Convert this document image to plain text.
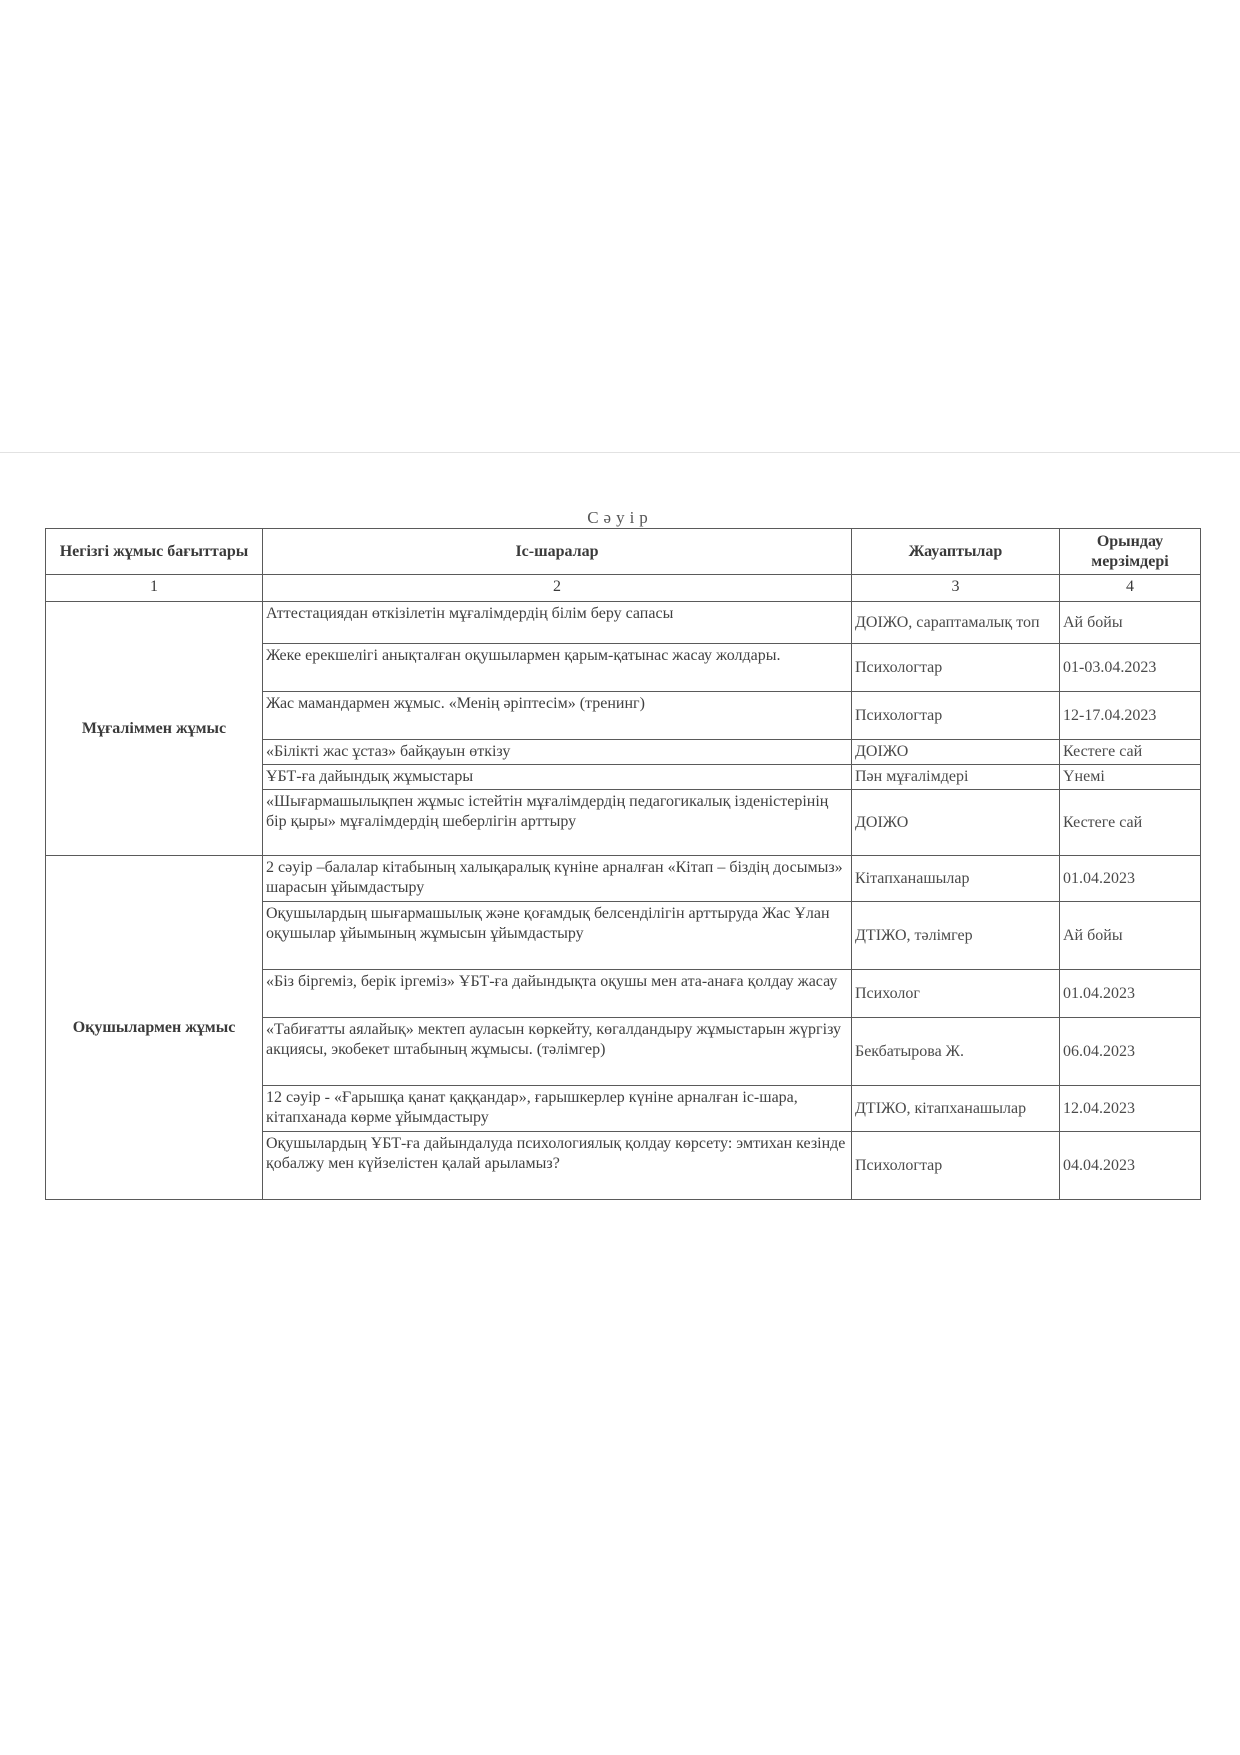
Сәуір
Негізгі жұмыс бағыттары	Іс-шаралар	Жауаптылар	Орындау мерзімдері
1	2	3	4
Мұғаліммен жұмыс	Аттестациядан өткізілетін мұғалімдердің білім беру сапасы	ДОІЖО, сараптамалық топ	Ай бойы
	Жеке ерекшелігі анықталған оқушылармен қарым-қатынас жасау жолдары.	Психологтар	01-03.04.2023
	Жас мамандармен жұмыс. «Менің әріптесім» (тренинг)	Психологтар	12-17.04.2023
	«Білікті жас ұстаз» байқауын өткізу	ДОІЖО	Кестеге сай
	ҰБТ-ға дайындық жұмыстары	Пән мұғалімдері	Үнемі
	«Шығармашылықпен жұмыс істейтін мұғалімдердің педагогикалық ізденістерінің бір қыры» мұғалімдердің шеберлігін арттыру	ДОІЖО	Кестеге сай
Оқушылармен жұмыс	2 сәуір –балалар кітабының халықаралық күніне арналған «Кітап – біздің досымыз» шарасын ұйымдастыру	Кітапханашылар	01.04.2023
	Оқушылардың шығармашылық және қоғамдық белсенділігін арттыруда Жас Ұлан оқушылар ұйымының жұмысын ұйымдастыру	ДТІЖО, тәлімгер	Ай бойы
	«Біз біргеміз, берік іргеміз» ҰБТ-ға дайындықта оқушы мен ата-анаға қолдау жасау	Психолог	01.04.2023
	«Табиғатты аялайық» мектеп ауласын көркейту, көгалдандыру жұмыстарын жүргізу акциясы, экобекет штабының жұмысы. (тәлімгер)	Бекбатырова Ж.	06.04.2023
	12 сәуір - «Ғарышқа қанат қаққандар», ғарышкерлер күніне арналған іс-шара, кітапханада көрме ұйымдастыру	ДТІЖО, кітапханашылар	12.04.2023
	Оқушылардың ҰБТ-ға дайындалуда психологиялық қолдау көрсету: эмтихан кезінде қобалжу мен күйзелістен қалай арыламыз?	Психологтар	04.04.2023
